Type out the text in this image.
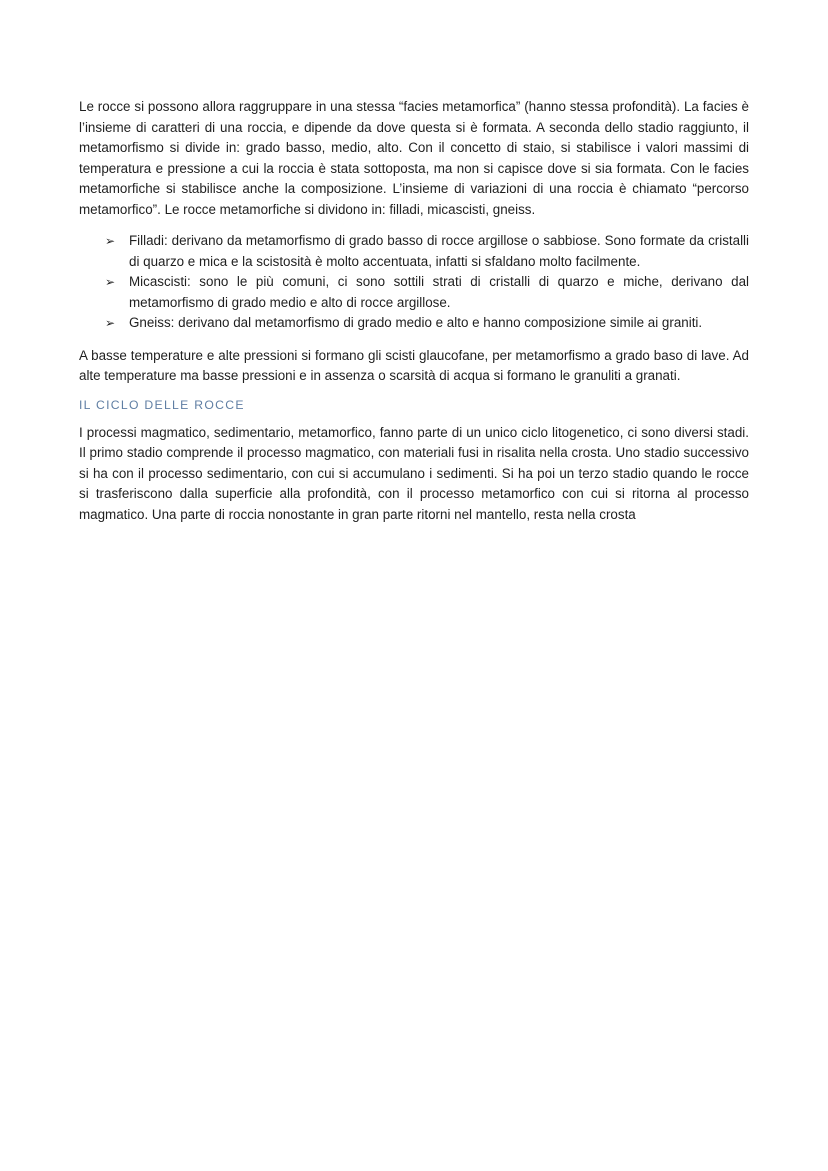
Le rocce si possono allora raggruppare in una stessa “facies metamorfica” (hanno stessa profondità). La facies è l’insieme di caratteri di una roccia, e dipende da dove questa si è formata. A seconda dello stadio raggiunto, il metamorfismo si divide in: grado basso, medio, alto. Con il concetto di staio, si stabilisce i valori massimi di temperatura e pressione a cui la roccia è stata sottoposta, ma non si capisce dove si sia formata. Con le facies metamorfiche si stabilisce anche la composizione. L’insieme di variazioni di una roccia è chiamato “percorso metamorfico”. Le rocce metamorfiche si dividono in: filladi, micascisti, gneiss.

➢ Filladi: derivano da metamorfismo di grado basso di rocce argillose o sabbiose. Sono formate da cristalli di quarzo e mica e la scistosità è molto accentuata, infatti si sfaldano molto facilmente.
➢ Micascisti: sono le più comuni, ci sono sottili strati di cristalli di quarzo e miche, derivano dal metamorfismo di grado medio e alto di rocce argillose.
➢ Gneiss: derivano dal metamorfismo di grado medio e alto e hanno composizione simile ai graniti.

A basse temperature e alte pressioni si formano gli scisti glaucofane, per metamorfismo a grado baso di lave. Ad alte temperature ma basse pressioni e in assenza o scarsità di acqua si formano le granuliti a granati.

IL CICLO DELLE ROCCE

I processi magmatico, sedimentario, metamorfico, fanno parte di un unico ciclo litogenetico, ci sono diversi stadi. Il primo stadio comprende il processo magmatico, con materiali fusi in risalita nella crosta. Uno stadio successivo si ha con il processo sedimentario, con cui si accumulano i sedimenti. Si ha poi un terzo stadio quando le rocce si trasferiscono dalla superficie alla profondità, con il processo metamorfico con cui si ritorna al processo magmatico. Una parte di roccia nonostante in gran parte ritorni nel mantello, resta nella crosta
